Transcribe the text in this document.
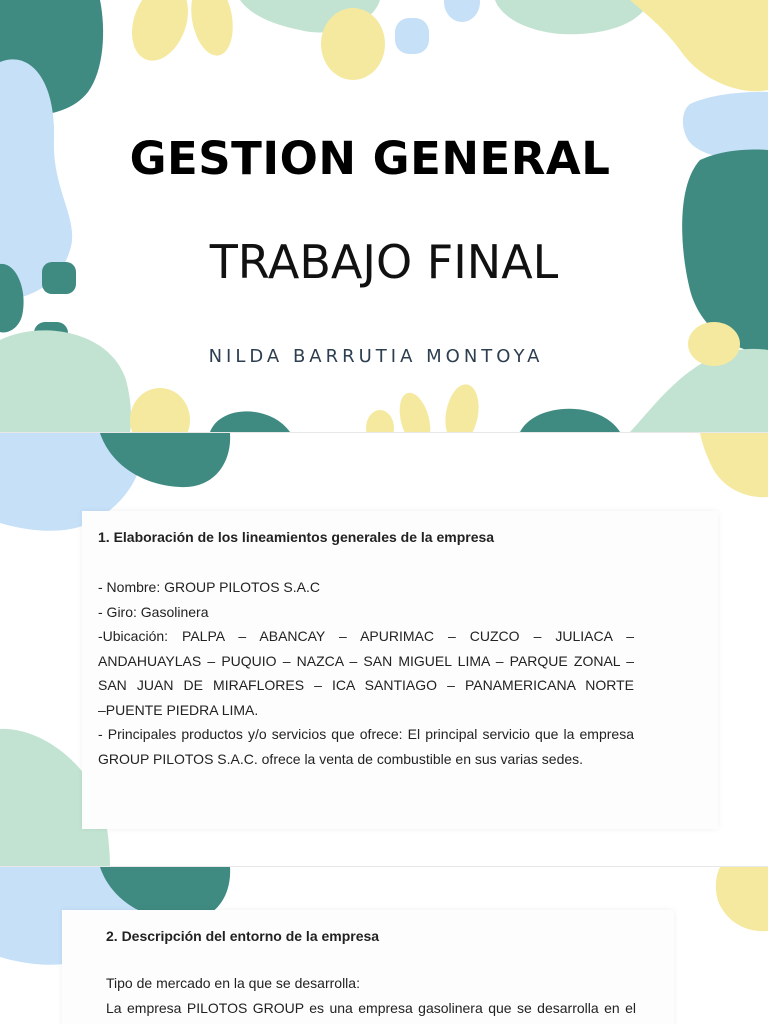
GESTION GENERAL
TRABAJO FINAL
NILDA BARRUTIA MONTOYA

1. Elaboración de los lineamientos generales de la empresa

- Nombre: GROUP PILOTOS S.A.C

- Giro: Gasolinera

-Ubicación: PALPA – ABANCAY – APURIMAC – CUZCO – JULIACA –

ANDAHUAYLAS – PUQUIO – NAZCA – SAN MIGUEL LIMA – PARQUE ZONAL –

SAN JUAN DE MIRAFLORES – ICA SANTIAGO – PANAMERICANA NORTE

–PUENTE PIEDRA LIMA.

- Principales productos y/o servicios que ofrece: El principal servicio que la empresa

GROUP PILOTOS S.A.C. ofrece la venta de combustible en sus varias sedes.

2. Descripción del entorno de la empresa

Tipo de mercado en la que se desarrolla:

La empresa PILOTOS GROUP es una empresa gasolinera que se desarrolla en el
